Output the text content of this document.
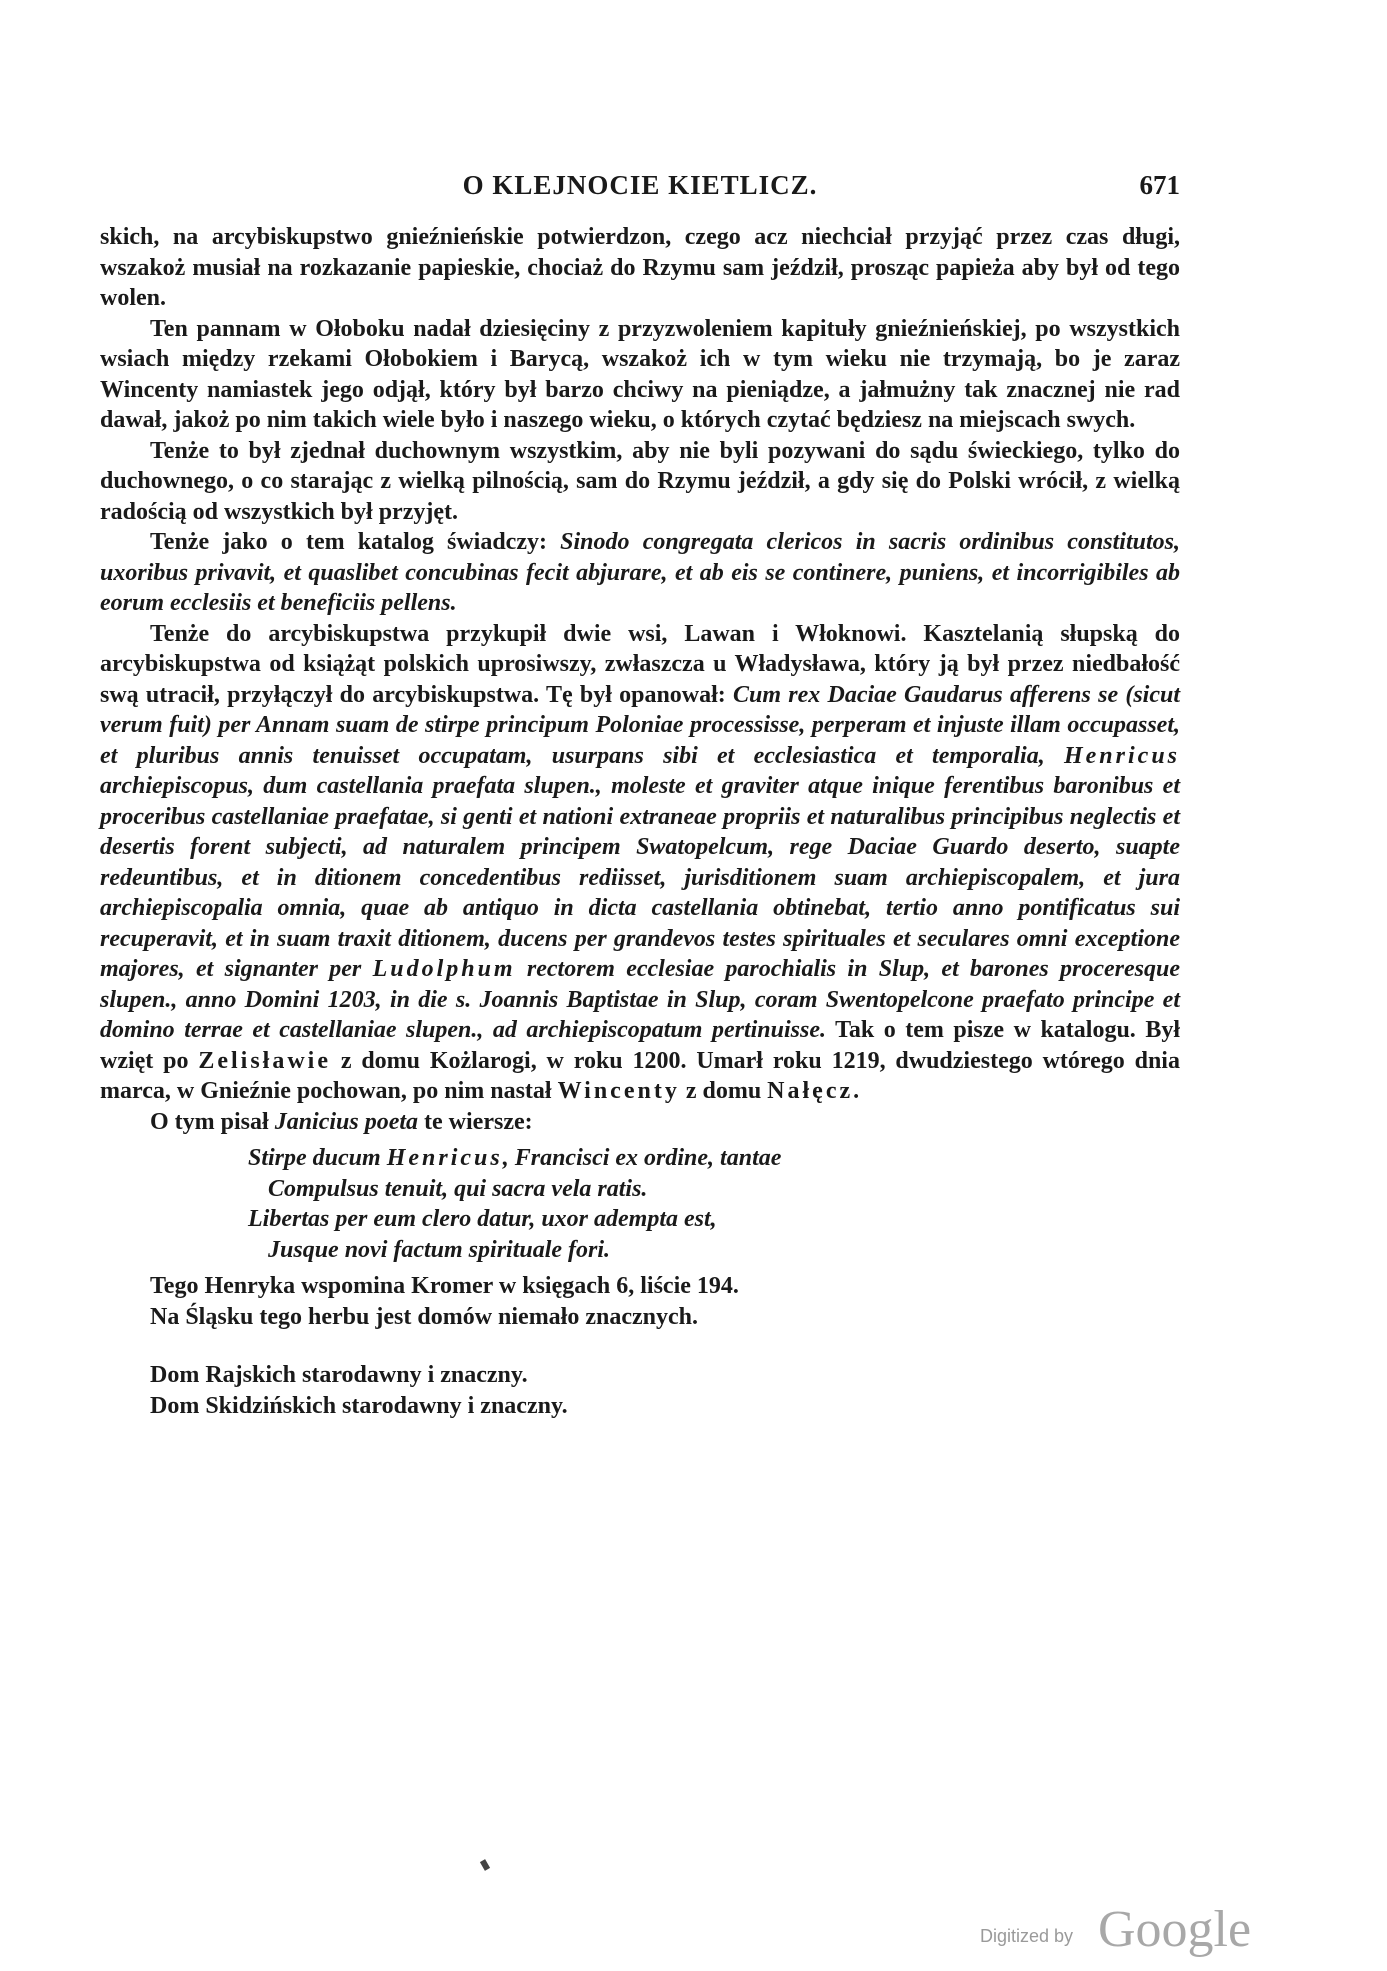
O KLEJNOCIE KIETLICZ.	671

skich, na arcybiskupstwo gnieźnieńskie potwierdzon, czego acz niechciał przyjąć przez czas długi, wszakoż musiał na rozkazanie papieskie, chociaż do Rzymu sam jeździł, prosząc papieża aby był od tego wolen.

Ten pannam w Ołoboku nadał dziesięciny z przyzwoleniem kapituły gnieźnieńskiej, po wszystkich wsiach między rzekami Ołobokiem i Barycą, wszakoż ich w tym wieku nie trzymają, bo je zaraz Wincenty namiastek jego odjął, który był barzo chciwy na pieniądze, a jałmużny tak znacznej nie rad dawał, jakoż po nim takich wiele było i naszego wieku, o których czytać będziesz na miejscach swych.

Tenże to był zjednał duchownym wszystkim, aby nie byli pozywani do sądu świeckiego, tylko do duchownego, o co starając z wielką pilnością, sam do Rzymu jeździł, a gdy się do Polski wrócił, z wielką radością od wszystkich był przyjęt.

Tenże jako o tem katalog świadczy: Sinodo congregata clericos in sacris ordinibus constitutos, uxoribus privavit, et quaslibet concubinas fecit abjurare, et ab eis se continere, puniens, et incorrigibiles ab eorum ecclesiis et beneficiis pellens.

Tenże do arcybiskupstwa przykupił dwie wsi, Lawan i Włoknowi. Kasztelanią słupską do arcybiskupstwa od książąt polskich uprosiwszy, zwłaszcza u Władysława, który ją był przez niedbałość swą utracił, przyłączył do arcybiskupstwa. Tę był opanował: Cum rex Daciae Gaudarus afferens se (sicut verum fuit) per Annam suam de stirpe principum Poloniae processisse, perperam et injuste illam occupasset, et pluribus annis tenuisset occupatam, usurpans sibi et ecclesiastica et temporalia, Henricus archiepiscopus, dum castellania praefata slupen., moleste et graviter atque inique ferentibus baronibus et proceribus castellaniae praefatae, si genti et nationi extraneae propriis et naturalibus principibus neglectis et desertis forent subjecti, ad naturalem principem Swatopelcum, rege Daciae Guardo deserto, suapte redeuntibus, et in ditionem concedentibus rediisset, jurisditionem suam archiepiscopalem, et jura archiepiscopalia omnia, quae ab antiquo in dicta castellania obtinebat, tertio anno pontificatus sui recuperavit, et in suam traxit ditionem, ducens per grandevos testes spirituales et seculares omni exceptione majores, et signanter per Ludolphum rectorem ecclesiae parochialis in Slup, et barones proceresque slupen., anno Domini 1203, in die s. Joannis Baptistae in Slup, coram Swentopelcone praefato principe et domino terrae et castellaniae slupen., ad archiepiscopatum pertinuisse. Tak o tem pisze w katalogu. Był wzięt po Zelisławie z domu Kożlarogi, w roku 1200. Umarł roku 1219, dwudziestego wtórego dnia marca, w Gnieźnie pochowan, po nim nastał Wincenty z domu Nałęcz.

O tym pisał Janicius poeta te wiersze:

Stirpe ducum Henricus, Francisci ex ordine, tantae
Compulsus tenuit, qui sacra vela ratis.
Libertas per eum clero datur, uxor adempta est,
Jusque novi factum spirituale fori.

Tego Henryka wspomina Kromer w księgach 6, liście 194.

Na Śląsku tego herbu jest domów niemało znacznych.

Dom Rajskich starodawny i znaczny.

Dom Skidzińskich starodawny i znaczny.

Digitized by Google
